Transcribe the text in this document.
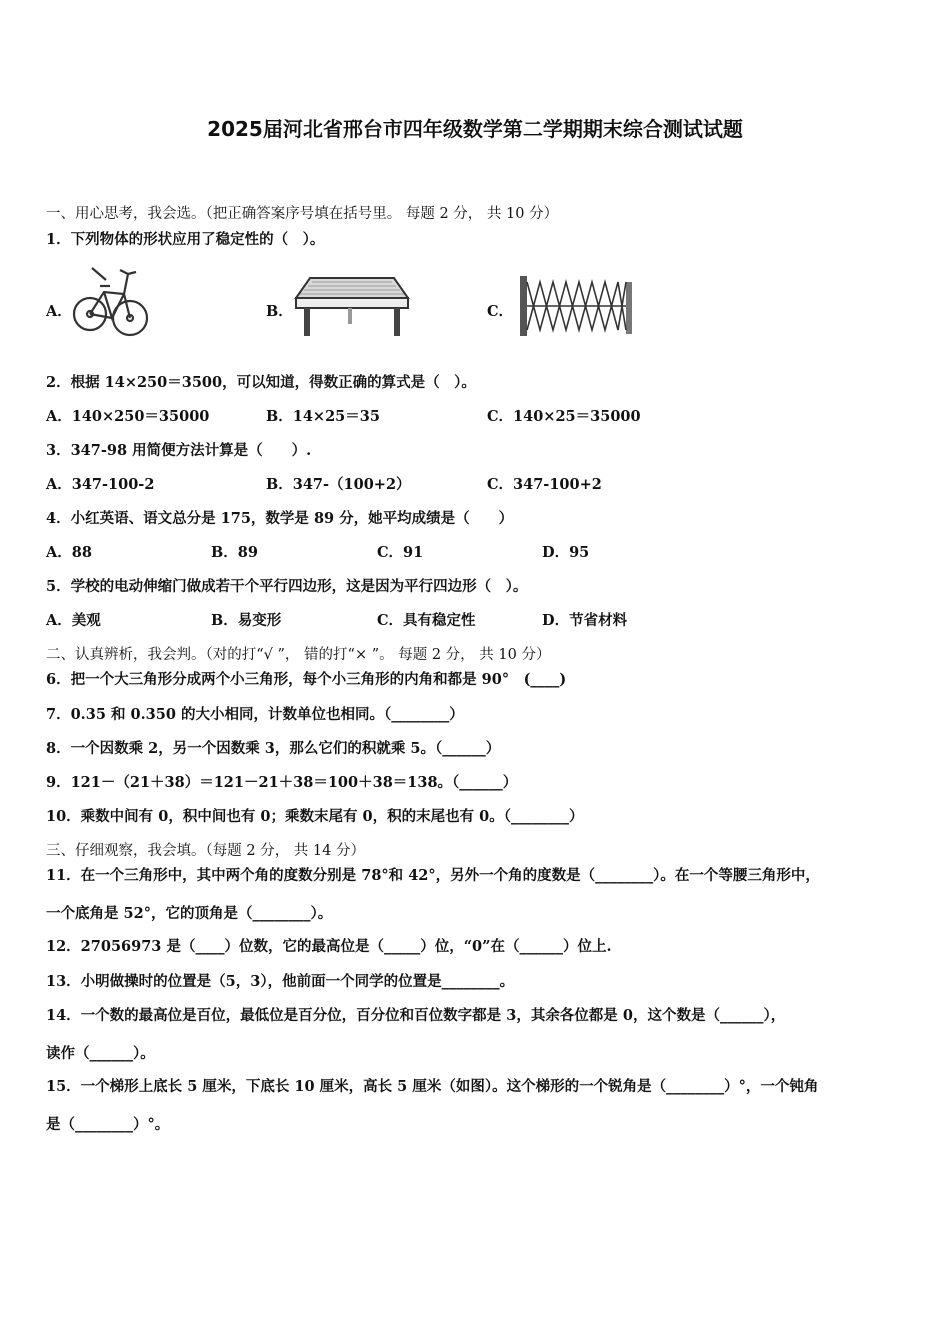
2025届河北省邢台市四年级数学第二学期期末综合测试试题
一、用心思考，我会选。（把正确答案序号填在括号里。 每题 2 分， 共 10 分）
1．下列物体的形状应用了稳定性的（　）。
A．	B．	C．
2．根据 14×250＝3500，可以知道，得数正确的算式是（　）。
A．140×250＝35000	B．14×25＝35	C．140×25＝35000
3．347-98 用简便方法计算是（　　）.
A．347-100-2	B．347-（100+2）	C．347-100+2
4．小红英语、语文总分是 175，数学是 89 分，她平均成绩是（　　）
A．88	B．89	C．91	D．95
5．学校的电动伸缩门做成若干个平行四边形，这是因为平行四边形（　）。
A．美观	B．易变形	C．具有稳定性	D．节省材料
二、认真辨析，我会判。（对的打“√ ”， 错的打“× ”。 每题 2 分， 共 10 分）
6．把一个大三角形分成两个小三角形，每个小三角形的内角和都是 90°　(____)
7．0.35 和 0.350 的大小相同，计数单位也相同。（________）
8．一个因数乘 2，另一个因数乘 3，那么它们的积就乘 5。（______）
9．121－（21＋38）＝121－21＋38＝100＋38＝138。（______）
10．乘数中间有 0，积中间也有 0；乘数末尾有 0，积的末尾也有 0。（________）
三、仔细观察，我会填。（每题 2 分， 共 14 分）
11．在一个三角形中，其中两个角的度数分别是 78°和 42°，另外一个角的度数是（________）。在一个等腰三角形中，
一个底角是 52°，它的顶角是（________）。
12．27056973 是（____）位数，它的最高位是（_____）位，“0”在（______）位上.
13．小明做操时的位置是（5，3），他前面一个同学的位置是________。
14．一个数的最高位是百位，最低位是百分位，百分位和百位数字都是 3，其余各位都是 0，这个数是（______），
读作（______）。
15．一个梯形上底长 5 厘米，下底长 10 厘米，高长 5 厘米（如图）。这个梯形的一个锐角是（________）°，一个钝角
是（________）°。
